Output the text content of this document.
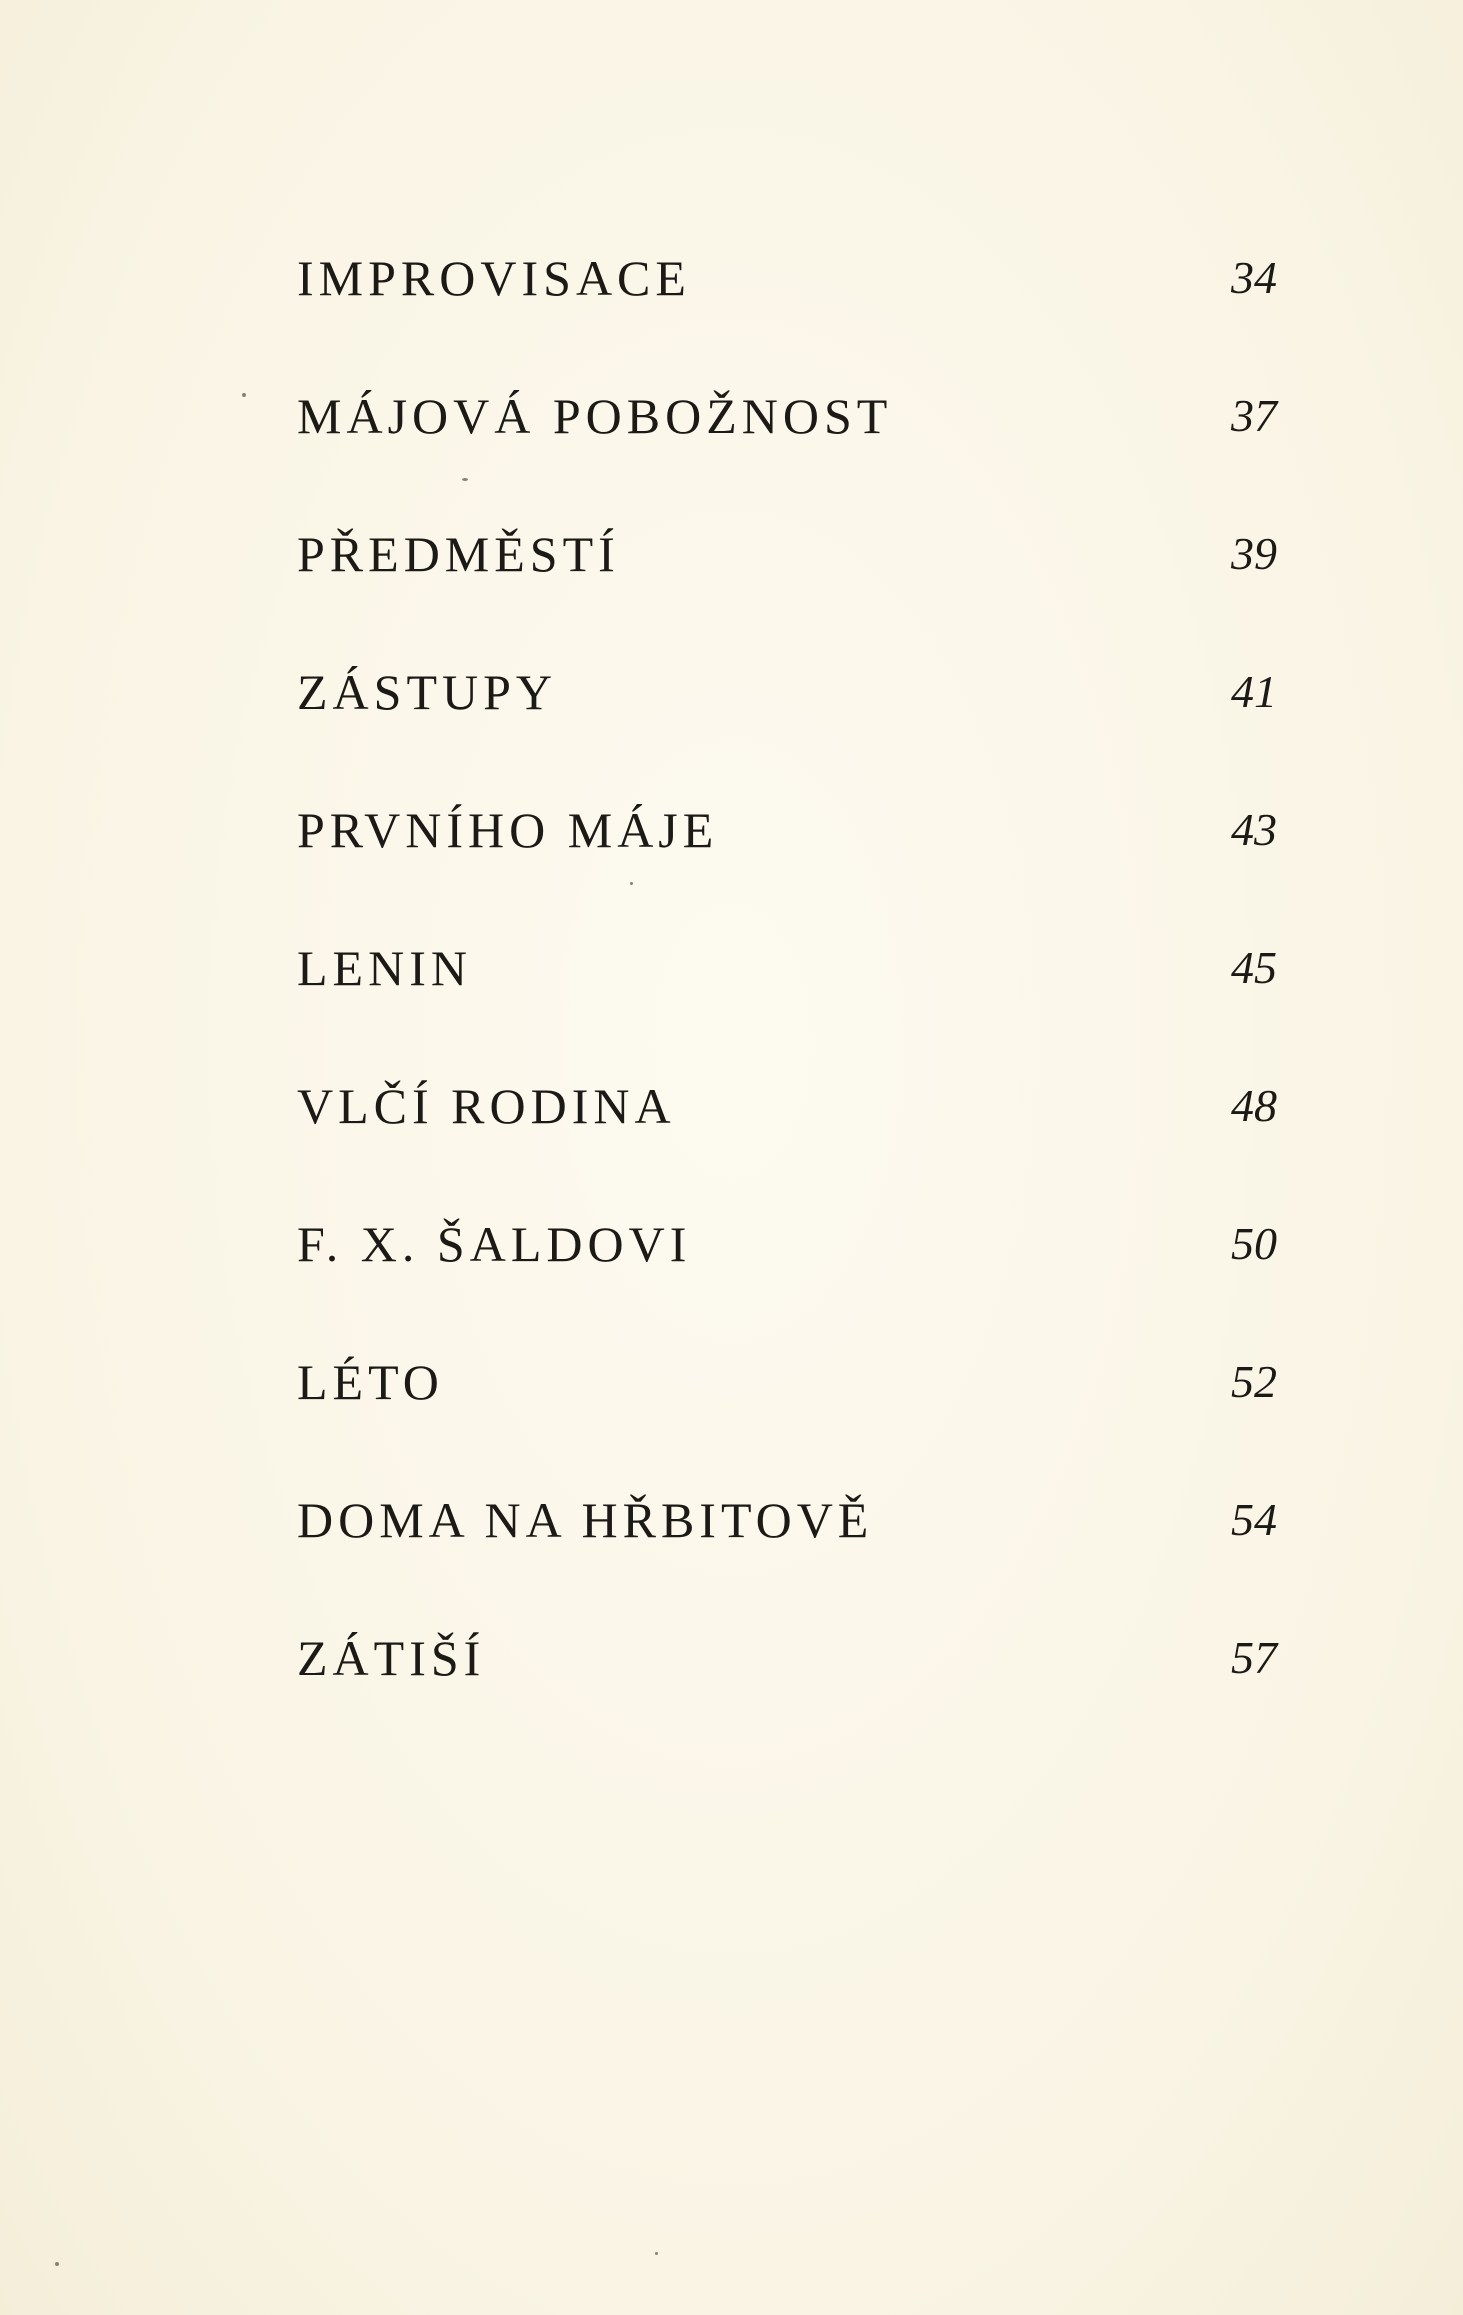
IMPROVISACE	34
MÁJOVÁ POBOŽNOST	37
PŘEDMĚSTÍ	39
ZÁSTUPY	41
PRVNÍHO MÁJE	43
LENIN	45
VLČÍ RODINA	48
F. X. ŠALDOVI	50
LÉTO	52
DOMA NA HŘBITOVĚ	54
ZÁTIŠÍ	57
